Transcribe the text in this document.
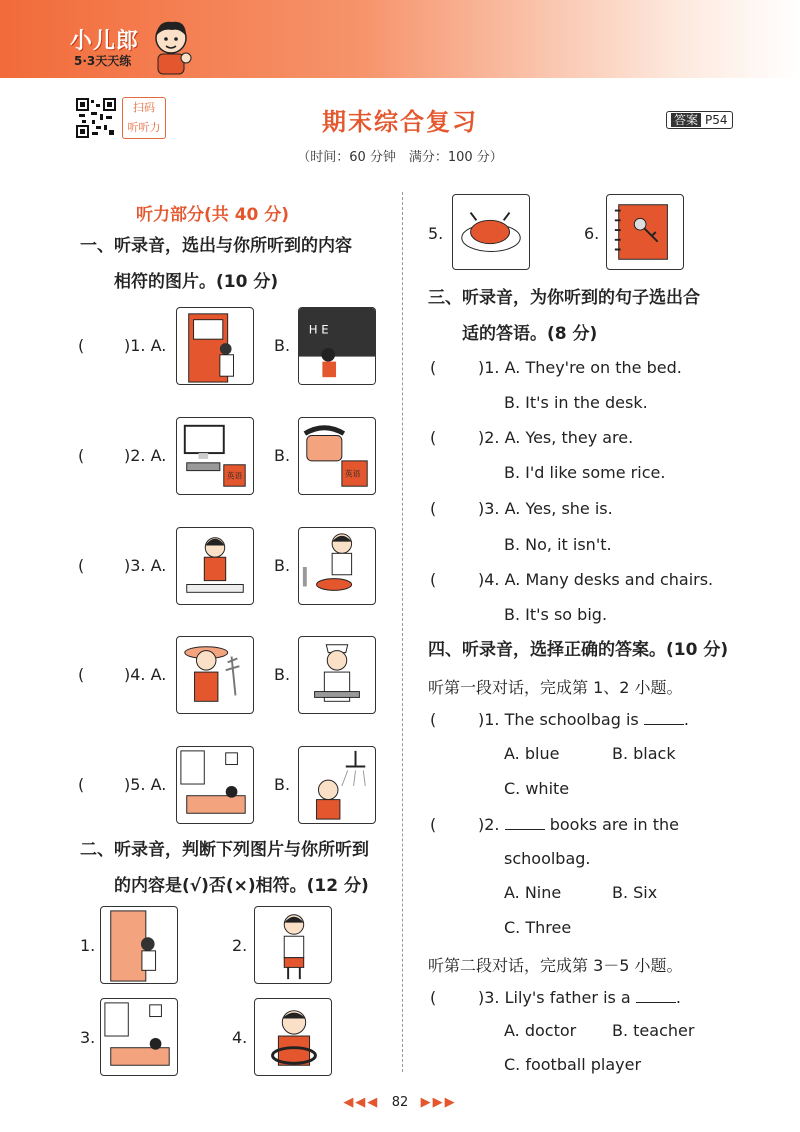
小儿郎
5·3天天练
扫码
听听力	期末综合复习	答案 P54
（时间：60 分钟　满分：100 分）
听力部分(共 40 分)
一、听录音，选出与你所听到的内容
相符的图片。(10 分)
( )1. A.	B.
H E
( )2. A.
英语
B.
英语
( )3. A.	B.
( )4. A.	B.
( )5. A.	B.
二、听录音，判断下列图片与你所听到
的内容是(√)否(×)相符。(12 分)
1.	2.
3.	4.
5.	6.
三、听录音，为你听到的句子选出合
适的答语。(8 分)
(	)1. A. They're on the bed.
B. It's in the desk.
(	)2. A. Yes, they are.
B. I'd like some rice.
(	)3. A. Yes, she is.
B. No, it isn't.
(	)4. A. Many desks and chairs.
B. It's so big.
四、听录音，选择正确的答案。(10 分)
听第一段对话，完成第 1、2 小题。
(	)1. The schoolbag is	.
A. blue	B. black
C. white
(	)2.	books are in the
schoolbag.
A. Nine	B. Six
C. Three
听第二段对话，完成第 3－5 小题。
(	)3. Lily's father is a	.
A. doctor B. teacher
C. football player
◀◀◀ 82 ▶▶▶
